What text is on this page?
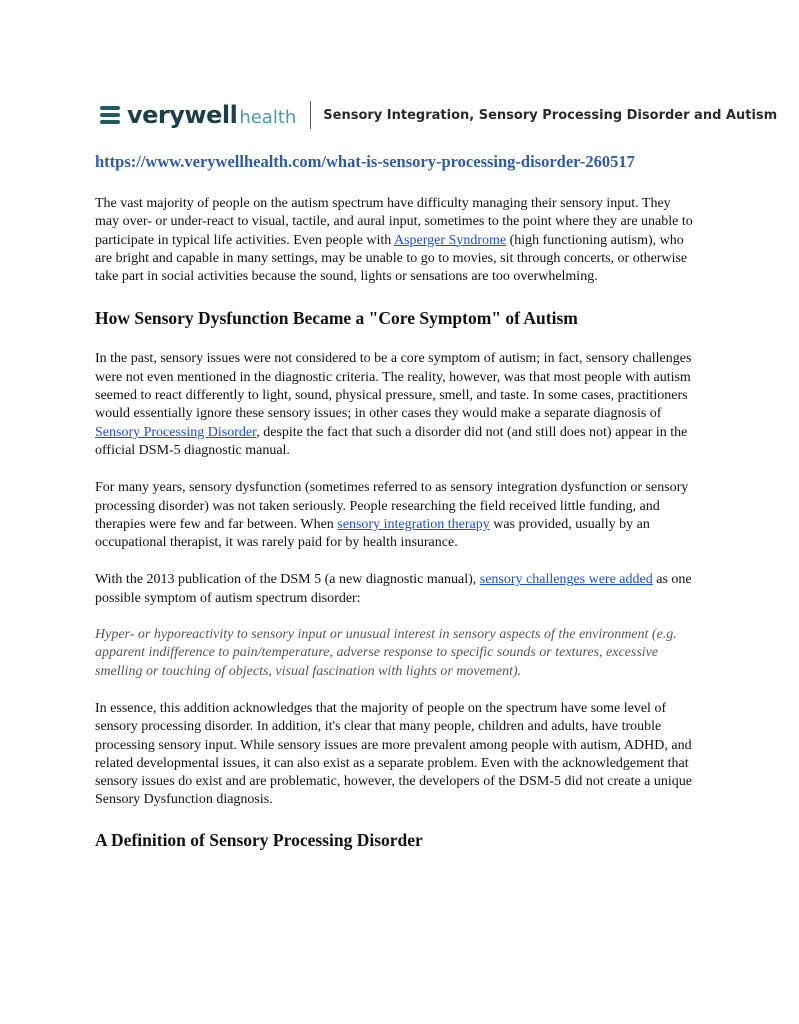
verywell health Sensory Integration, Sensory Processing Disorder and Autism
https://www.verywellhealth.com/what-is-sensory-processing-disorder-260517

The vast majority of people on the autism spectrum have difficulty managing their sensory input. They may over- or under-react to visual, tactile, and aural input, sometimes to the point where they are unable to participate in typical life activities. Even people with Asperger Syndrome (high functioning autism), who are bright and capable in many settings, may be unable to go to movies, sit through concerts, or otherwise take part in social activities because the sound, lights or sensations are too overwhelming.

How Sensory Dysfunction Became a "Core Symptom" of Autism

In the past, sensory issues were not considered to be a core symptom of autism; in fact, sensory challenges were not even mentioned in the diagnostic criteria. The reality, however, was that most people with autism seemed to react differently to light, sound, physical pressure, smell, and taste. In some cases, practitioners would essentially ignore these sensory issues; in other cases they would make a separate diagnosis of Sensory Processing Disorder, despite the fact that such a disorder did not (and still does not) appear in the official DSM-5 diagnostic manual.

For many years, sensory dysfunction (sometimes referred to as sensory integration dysfunction or sensory processing disorder) was not taken seriously. People researching the field received little funding, and therapies were few and far between. When sensory integration therapy was provided, usually by an occupational therapist, it was rarely paid for by health insurance.

With the 2013 publication of the DSM 5 (a new diagnostic manual), sensory challenges were added as one possible symptom of autism spectrum disorder:

Hyper- or hyporeactivity to sensory input or unusual interest in sensory aspects of the environment (e.g. apparent indifference to pain/temperature, adverse response to specific sounds or textures, excessive smelling or touching of objects, visual fascination with lights or movement).

In essence, this addition acknowledges that the majority of people on the spectrum have some level of sensory processing disorder. In addition, it's clear that many people, children and adults, have trouble processing sensory input. While sensory issues are more prevalent among people with autism, ADHD, and related developmental issues, it can also exist as a separate problem. Even with the acknowledgement that sensory issues do exist and are problematic, however, the developers of the DSM-5 did not create a unique Sensory Dysfunction diagnosis.

A Definition of Sensory Processing Disorder
